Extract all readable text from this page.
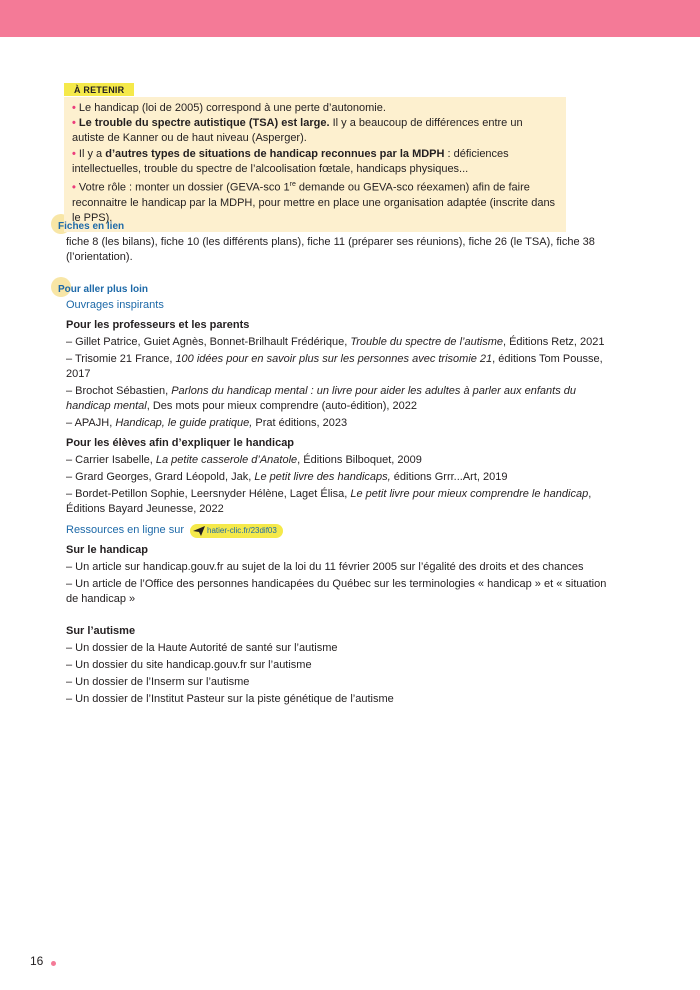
À RETENIR

• Le handicap (loi de 2005) correspond à une perte d’autonomie.

• Le trouble du spectre autistique (TSA) est large. Il y a beaucoup de différences entre un autiste de Kanner ou de haut niveau (Asperger).

• Il y a d’autres types de situations de handicap reconnues par la MDPH : déficiences intellectuelles, trouble du spectre de l’alcoolisation fœtale, handicaps physiques...

• Votre rôle : monter un dossier (GEVA-sco 1re demande ou GEVA-sco réexamen) afin de faire reconnaitre le handicap par la MDPH, pour mettre en place une organisation adaptée (inscrite dans le PPS).

Fiches en lien
fiche 8 (les bilans), fiche 10 (les différents plans), fiche 11 (préparer ses réunions), fiche 26 (le TSA), fiche 38 (l’orientation).
Pour aller plus loin
Ouvrages inspirants
Pour les professeurs et les parents
– Gillet Patrice, Guiet Agnès, Bonnet-Brilhault Frédérique, Trouble du spectre de l’autisme, Éditions Retz, 2021
– Trisomie 21 France, 100 idées pour en savoir plus sur les personnes avec trisomie 21, éditions Tom Pousse, 2017
– Brochot Sébastien, Parlons du handicap mental : un livre pour aider les adultes à parler aux enfants du handicap mental, Des mots pour mieux comprendre (auto-édition), 2022
– APAJH, Handicap, le guide pratique, Prat éditions, 2023
Pour les élèves afin d’expliquer le handicap
– Carrier Isabelle, La petite casserole d’Anatole, Éditions Bilboquet, 2009
– Grard Georges, Grard Léopold, Jak, Le petit livre des handicaps, éditions Grrr...Art, 2019
– Bordet-Petillon Sophie, Leersnyder Hélène, Laget Élisa, Le petit livre pour mieux comprendre le handicap, Éditions Bayard Jeunesse, 2022
Ressources en ligne sur	hatier-clic.fr/23dif03
Sur le handicap
– Un article sur handicap.gouv.fr au sujet de la loi du 11 février 2005 sur l’égalité des droits et des chances
– Un article de l’Office des personnes handicapées du Québec sur les terminologies « handicap » et « situation de handicap »
Sur l’autisme
– Un dossier de la Haute Autorité de santé sur l’autisme
– Un dossier du site handicap.gouv.fr sur l’autisme
– Un dossier de l’Inserm sur l’autisme
– Un dossier de l’Institut Pasteur sur la piste génétique de l’autisme
16
